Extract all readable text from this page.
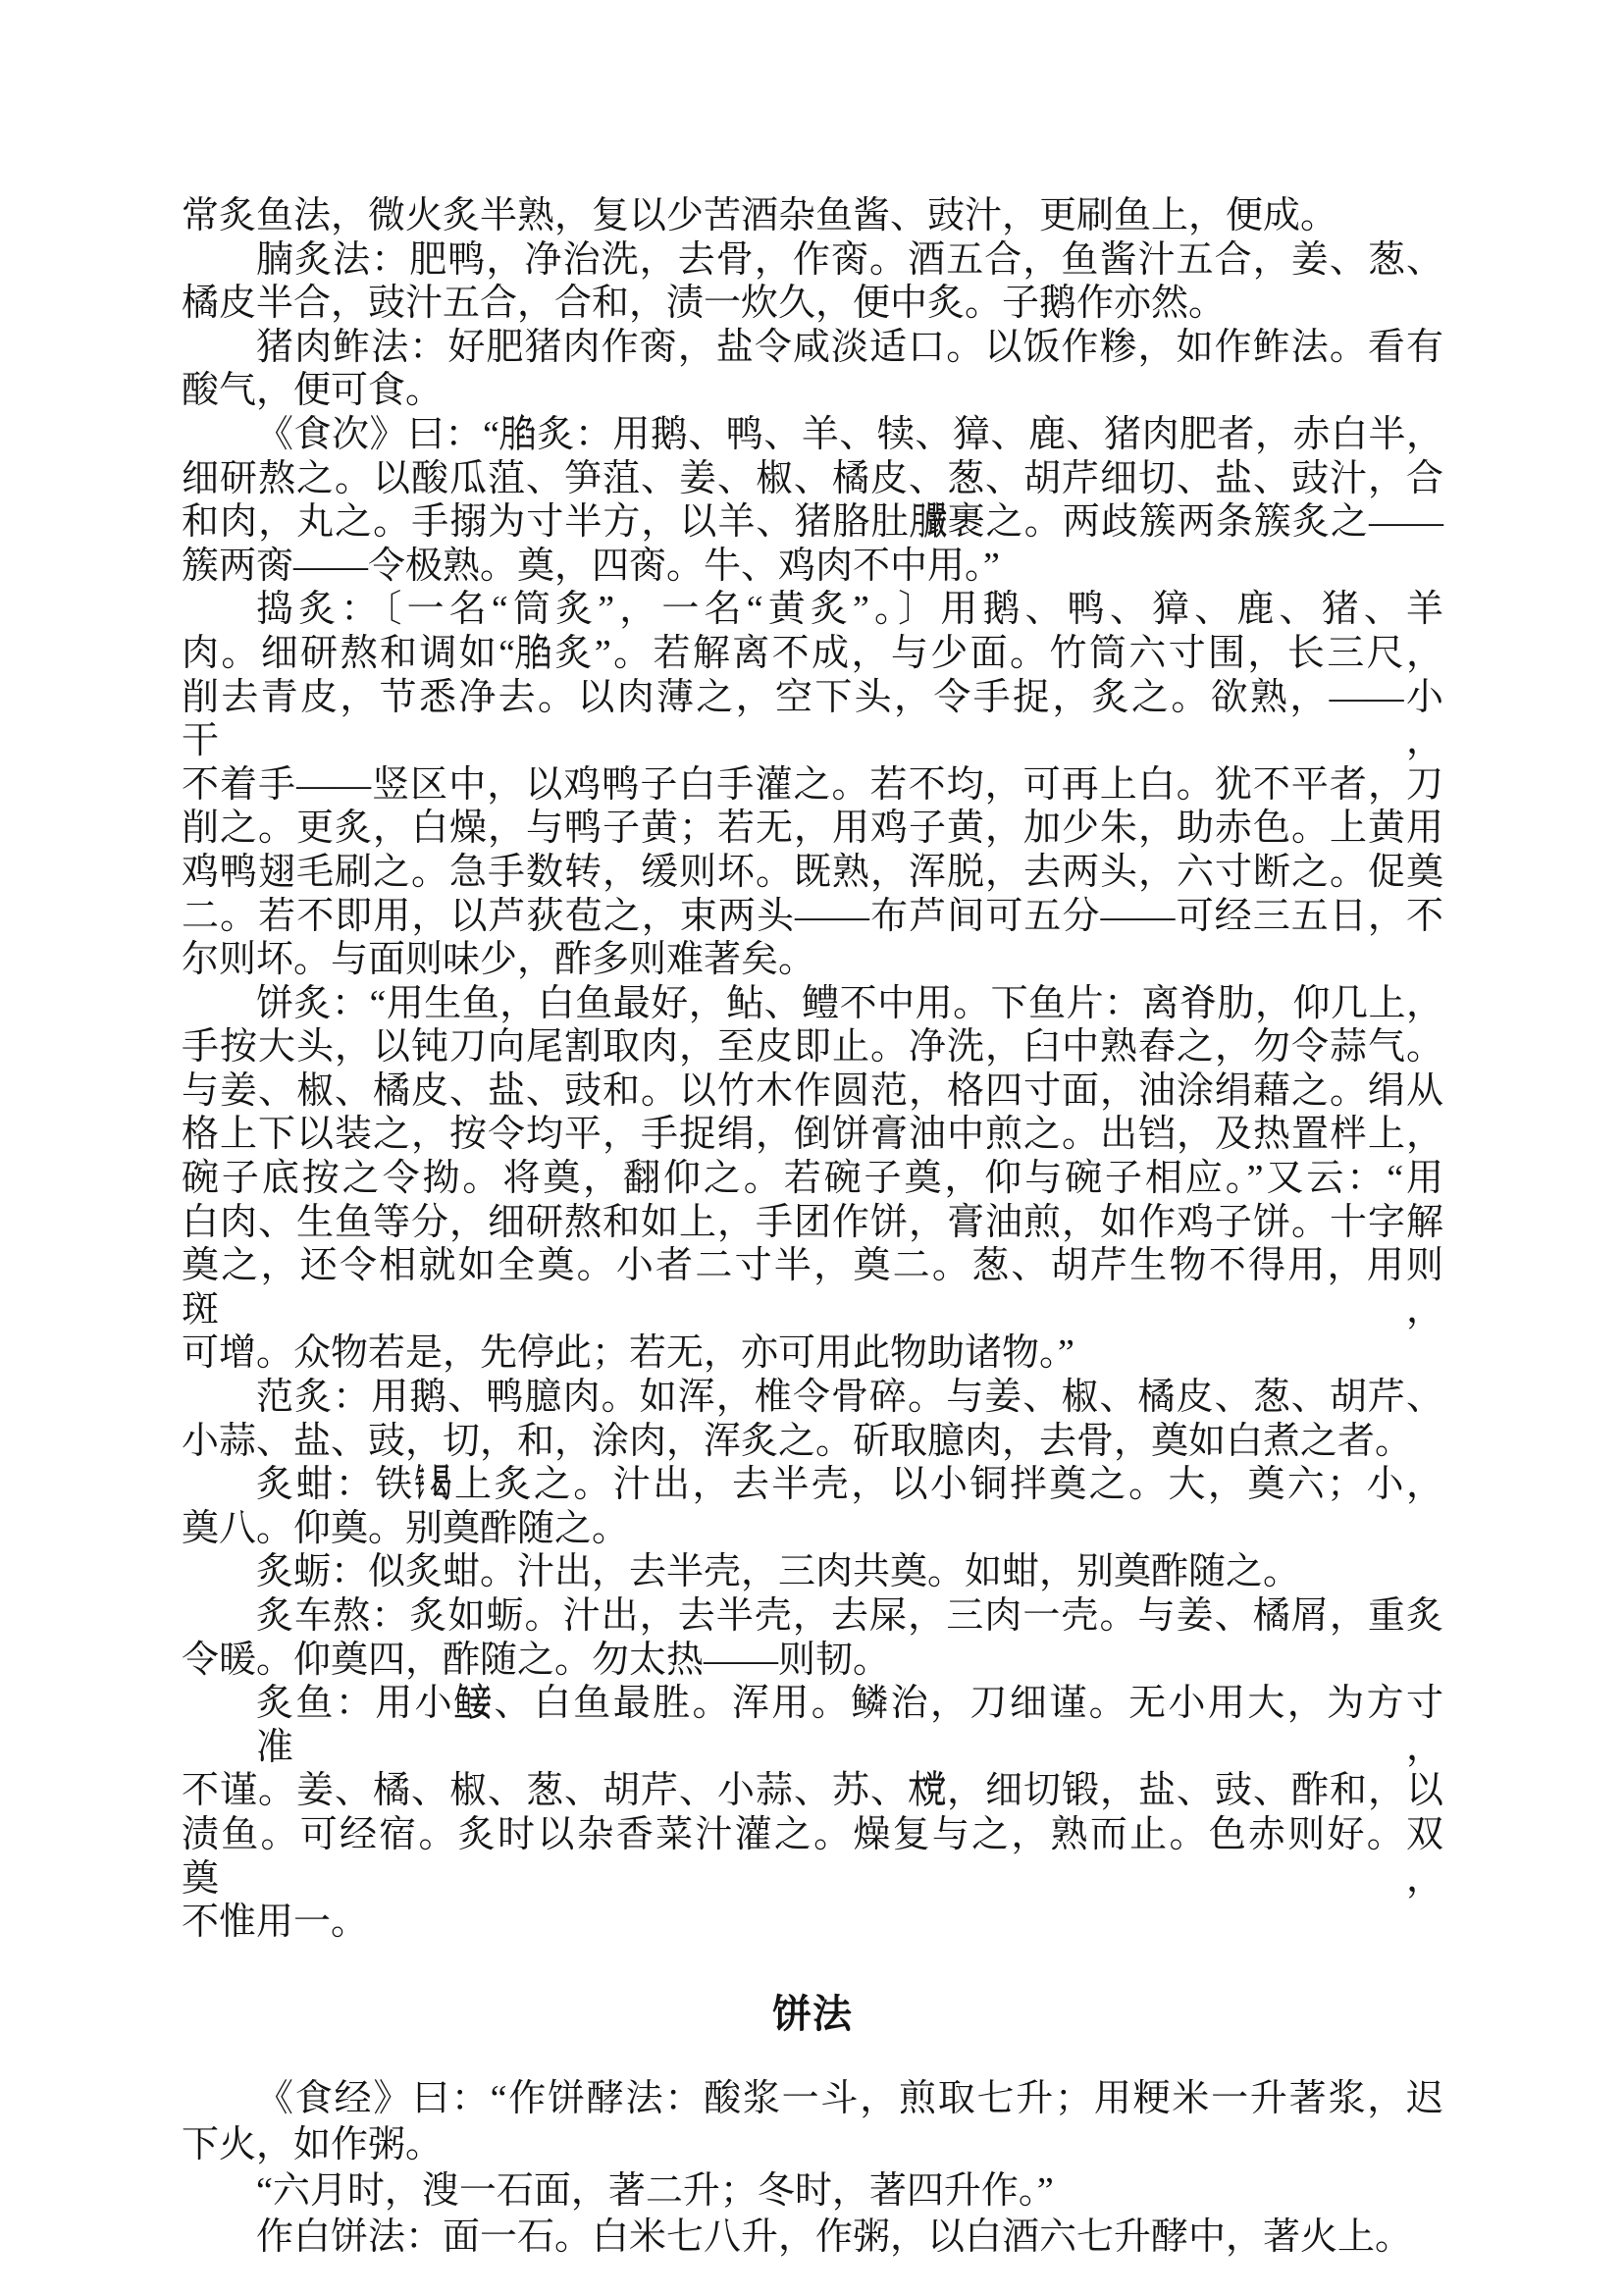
常炙鱼法，微火炙半熟，复以少苦酒杂鱼酱、豉汁，更刷鱼上，便成。
腩炙法：肥鸭，净治洗，去骨，作脔。酒五合，鱼酱汁五合，姜、葱、
橘皮半合，豉汁五合，合和，渍一炊久，便中炙。子鹅作亦然。
猪肉鲊法：好肥猪肉作脔，盐令咸淡适口。以饭作糁，如作鲊法。看有
酸气，便可食。
《食次》曰：“月臽炙：用鹅、鸭、羊、犊、獐、鹿、猪肉肥者，赤白半，
细研熬之。以酸瓜菹、笋菹、姜、椒、橘皮、葱、胡芹细切、盐、豉汁，合
和肉，丸之。手搦为寸半方，以羊、猪胳肚月嚴裹之。两歧簇两条簇炙之——
簇两脔——令极熟。奠，四脔。牛、鸡肉不中用。”
捣炙：〔一名“筒炙”，一名“黄炙”。〕用鹅、鸭、獐、鹿、猪、羊
肉。细研熬和调如“月臽炙”。若解离不成，与少面。竹筒六寸围，长三尺，
削去青皮，节悉净去。以肉薄之，空下头，令手捉，炙之。欲熟，——小干，
不着手——竖区中，以鸡鸭子白手灌之。若不均，可再上白。犹不平者，刀
削之。更炙，白燥，与鸭子黄；若无，用鸡子黄，加少朱，助赤色。上黄用
鸡鸭翅毛刷之。急手数转，缓则坏。既熟，浑脱，去两头，六寸断之。促奠
二。若不即用，以芦荻苞之，束两头——布芦间可五分——可经三五日，不
尔则坏。与面则味少，酢多则难著矣。
饼炙：“用生鱼，白鱼最好，鲇、鳢不中用。下鱼片：离脊肋，仰几上，
手按大头，以钝刀向尾割取肉，至皮即止。净洗，臼中熟舂之，勿令蒜气。
与姜、椒、橘皮、盐、豉和。以竹木作圆范，格四寸面，油涂绢藉之。绢从
格上下以装之，按令均平，手捉绢，倒饼膏油中煎之。出铛，及热置柈上，
碗子底按之令拗。将奠，翻仰之。若碗子奠，仰与碗子相应。”又云：“用
白肉、生鱼等分，细研熬和如上，手团作饼，膏油煎，如作鸡子饼。十字解
奠之，还令相就如全奠。小者二寸半，奠二。葱、胡芹生物不得用，用则斑，
可增。众物若是，先停此；若无，亦可用此物助诸物。”
范炙：用鹅、鸭臆肉。如浑，椎令骨碎。与姜、椒、橘皮、葱、胡芹、
小蒜、盐、豉，切，和，涂肉，浑炙之。斫取臆肉，去骨，奠如白煮之者。
炙蚶：铁钅曷上炙之。汁出，去半壳，以小铜拌奠之。大，奠六；小，
奠八。仰奠。别奠酢随之。
炙蛎：似炙蚶。汁出，去半壳，三肉共奠。如蚶，别奠酢随之。
炙车熬：炙如蛎。汁出，去半壳，去屎，三肉一壳。与姜、橘屑，重炙
令暖。仰奠四，酢随之。勿太热——则韧。
炙鱼：用小鱼妾、白鱼最胜。浑用。鳞治，刀细谨。无小用大，为方寸准，
不谨。姜、橘、椒、葱、胡芹、小蒜、苏、木党，细切锻，盐、豉、酢和，以
渍鱼。可经宿。炙时以杂香菜汁灌之。燥复与之，熟而止。色赤则好。双奠，
不惟用一。
饼法
《食经》曰：“作饼酵法：酸浆一斗，煎取七升；用粳米一升著浆，迟
下火，如作粥。
“六月时，溲一石面，著二升；冬时，著四升作。”
作白饼法：面一石。白米七八升，作粥，以白酒六七升酵中，著火上。
